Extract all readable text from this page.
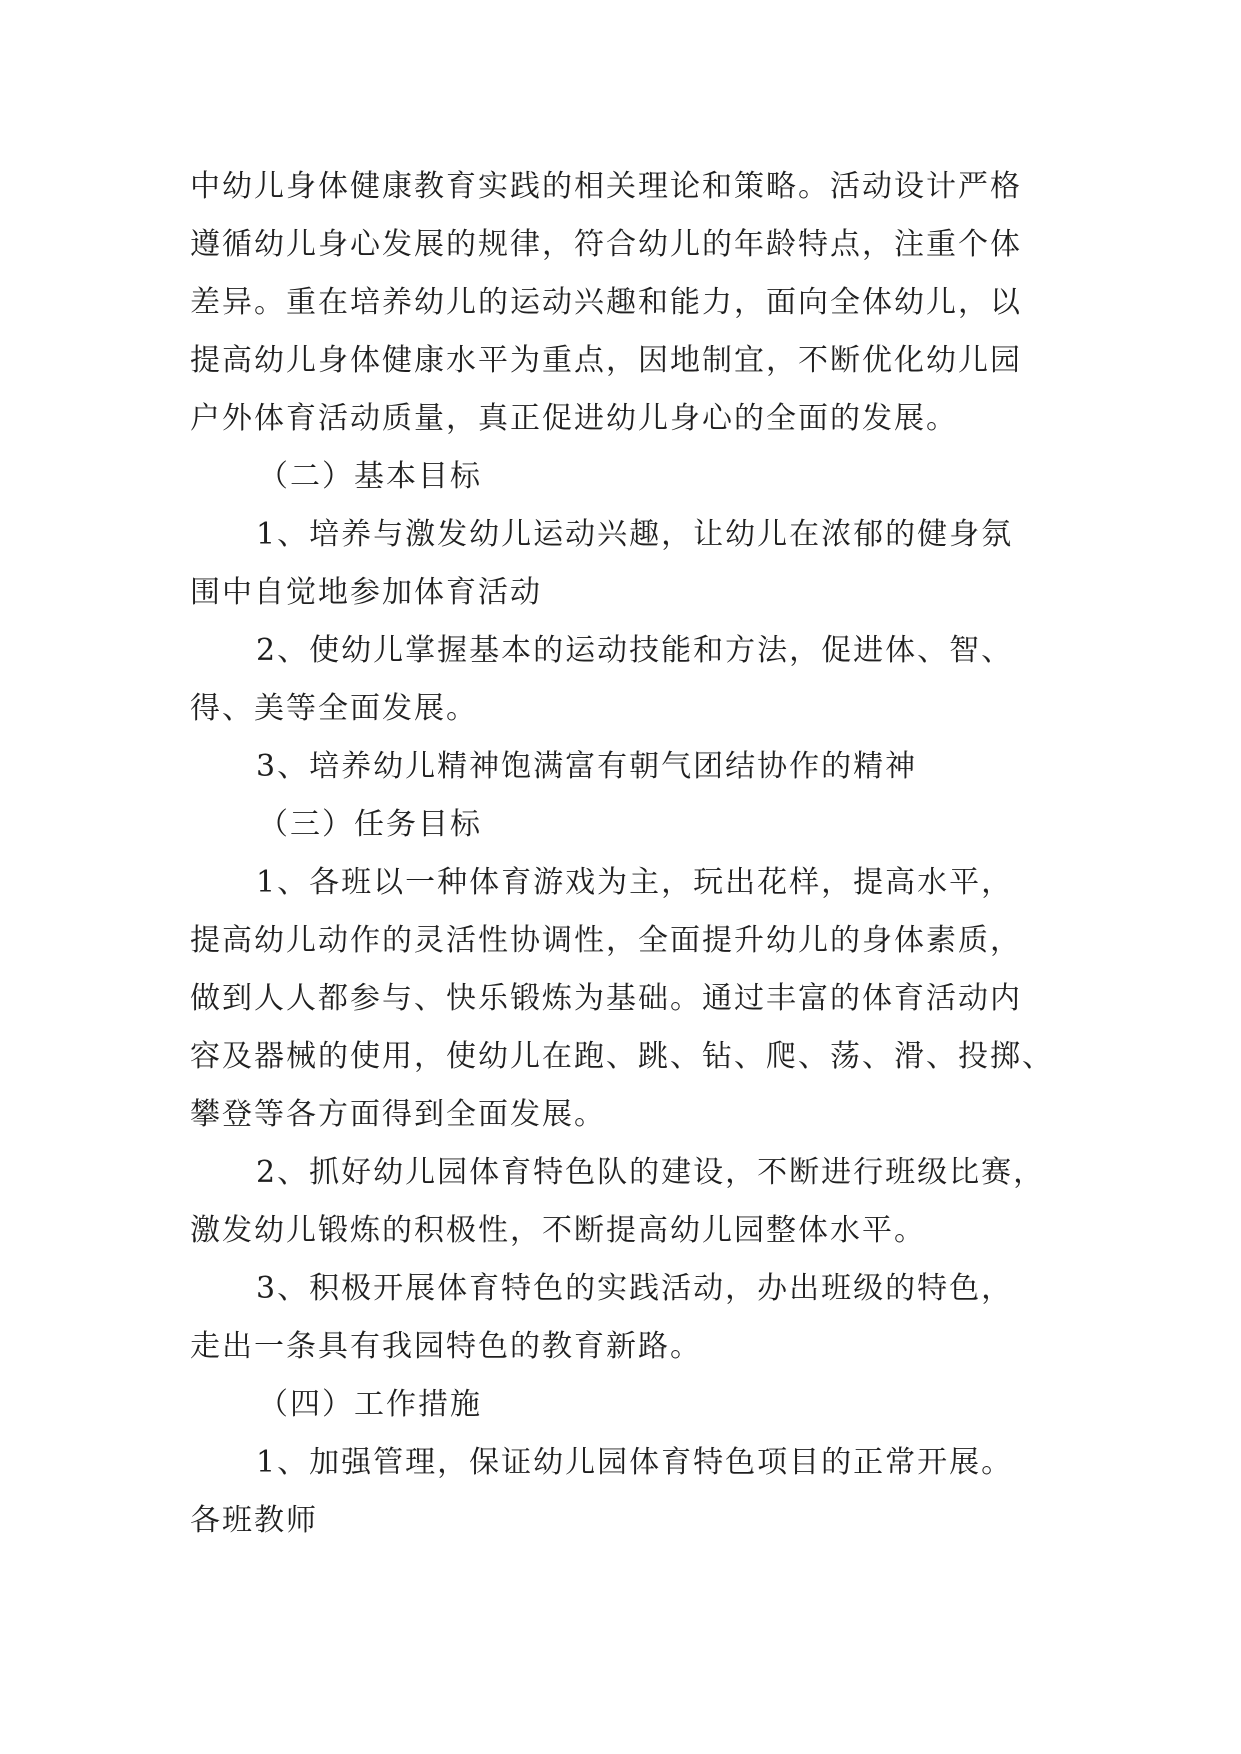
中幼儿身体健康教育实践的相关理论和策略。活动设计严格
遵循幼儿身心发展的规律，符合幼儿的年龄特点，注重个体
差异。重在培养幼儿的运动兴趣和能力，面向全体幼儿，以
提高幼儿身体健康水平为重点，因地制宜，不断优化幼儿园
户外体育活动质量，真正促进幼儿身心的全面的发展。
（二）基本目标
1、培养与激发幼儿运动兴趣，让幼儿在浓郁的健身氛
围中自觉地参加体育活动
2、使幼儿掌握基本的运动技能和方法，促进体、智、
得、美等全面发展。
3、培养幼儿精神饱满富有朝气团结协作的精神
（三）任务目标
1、各班以一种体育游戏为主，玩出花样，提高水平，
提高幼儿动作的灵活性协调性，全面提升幼儿的身体素质，
做到人人都参与、快乐锻炼为基础。通过丰富的体育活动内
容及器械的使用，使幼儿在跑、跳、钻、爬、荡、滑、投掷、
攀登等各方面得到全面发展。
2、抓好幼儿园体育特色队的建设，不断进行班级比赛，
激发幼儿锻炼的积极性，不断提高幼儿园整体水平。
3、积极开展体育特色的实践活动，办出班级的特色，
走出一条具有我园特色的教育新路。
（四）工作措施
1、加强管理，保证幼儿园体育特色项目的正常开展。
各班教师
